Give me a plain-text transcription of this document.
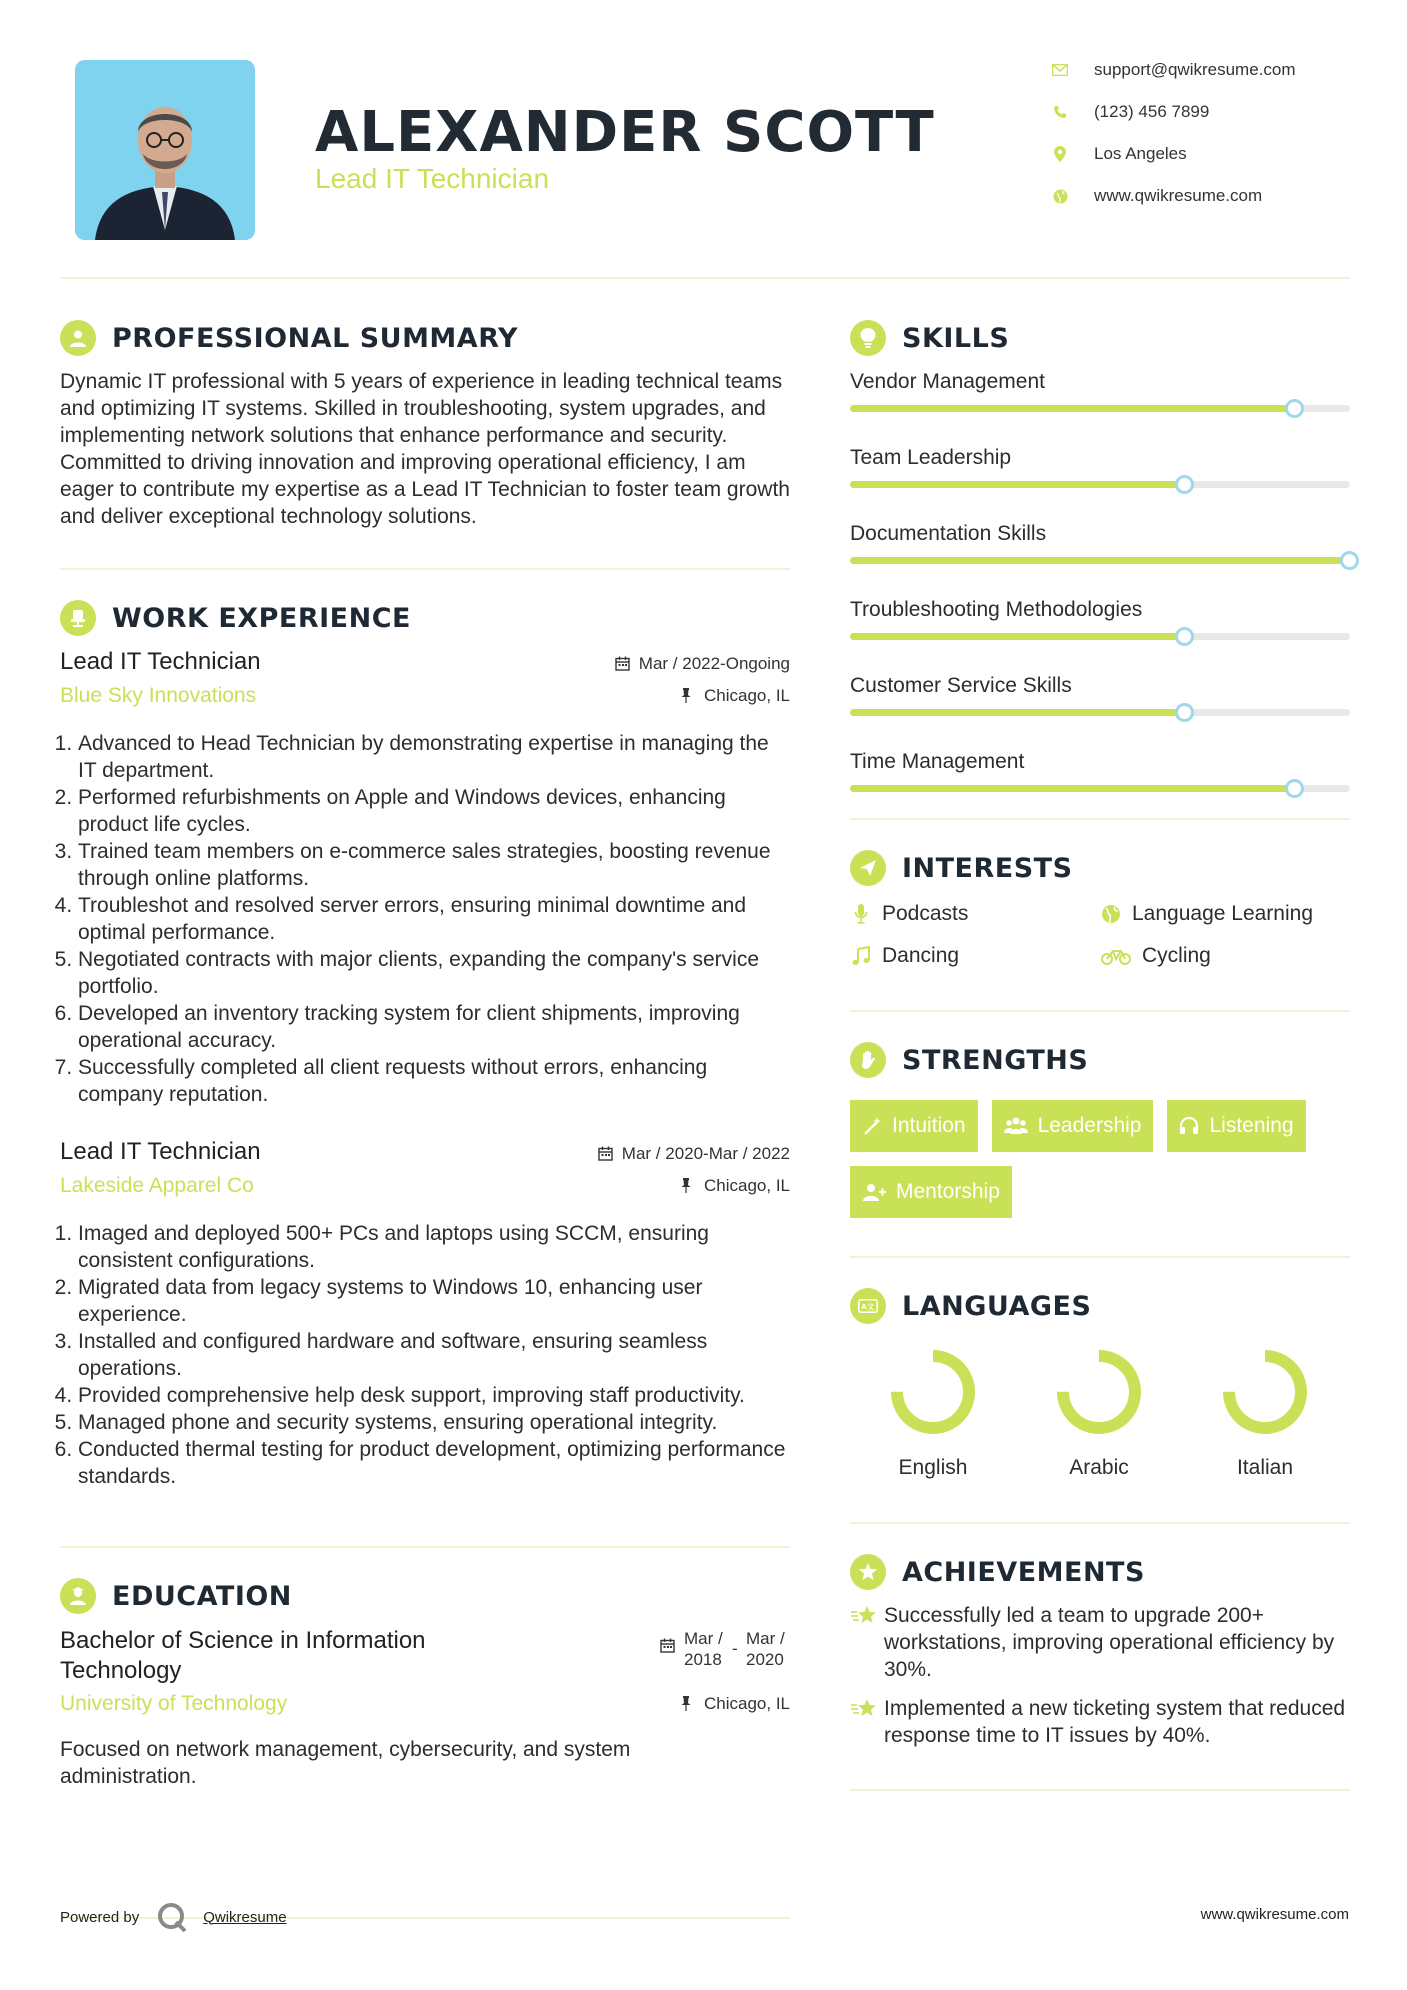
ALEXANDER SCOTT
Lead IT Technician
support@qwikresume.com
(123) 456 7899
Los Angeles
www.qwikresume.com
PROFESSIONAL SUMMARY

Dynamic IT professional with 5 years of experience in leading technical teams and optimizing IT systems. Skilled in troubleshooting, system upgrades, and implementing network solutions that enhance performance and security. Committed to driving innovation and improving operational efficiency, I am eager to contribute my expertise as a Lead IT Technician to foster team growth and deliver exceptional technology solutions.

WORK EXPERIENCE
Lead IT Technician
Blue Sky Innovations
Mar / 2022-Ongoing
Chicago, IL
1. Advanced to Head Technician by demonstrating expertise in managing the IT department.
2. Performed refurbishments on Apple and Windows devices, enhancing product life cycles.
3. Trained team members on e-commerce sales strategies, boosting revenue through online platforms.
4. Troubleshot and resolved server errors, ensuring minimal downtime and optimal performance.
5. Negotiated contracts with major clients, expanding the company's service portfolio.
6. Developed an inventory tracking system for client shipments, improving operational accuracy.
7. Successfully completed all client requests without errors, enhancing company reputation.
Lead IT Technician
Lakeside Apparel Co
Mar / 2020-Mar / 2022
Chicago, IL
1. Imaged and deployed 500+ PCs and laptops using SCCM, ensuring consistent configurations.
2. Migrated data from legacy systems to Windows 10, enhancing user experience.
3. Installed and configured hardware and software, ensuring seamless operations.
4. Provided comprehensive help desk support, improving staff productivity.
5. Managed phone and security systems, ensuring operational integrity.
6. Conducted thermal testing for product development, optimizing performance standards.
EDUCATION
Bachelor of Science in Information Technology
University of Technology
Mar / 2018
-
Mar / 2020
Chicago, IL

Focused on network management, cybersecurity, and system administration.

SKILLS
Vendor Management
Team Leadership
Documentation Skills
Troubleshooting Methodologies
Customer Service Skills
Time Management
INTERESTS
Podcasts	Language Learning
Dancing	Cycling
STRENGTHS
Intuition	Leadership	Listening
Mentorship
A文 LANGUAGES
English	Arabic	Italian
ACHIEVEMENTS
Successfully led a team to upgrade 200+ workstations, improving operational efficiency by 30%.
Implemented a new ticketing system that reduced response time to IT issues by 40%.
Powered by	Qwikresume	www.qwikresume.com
